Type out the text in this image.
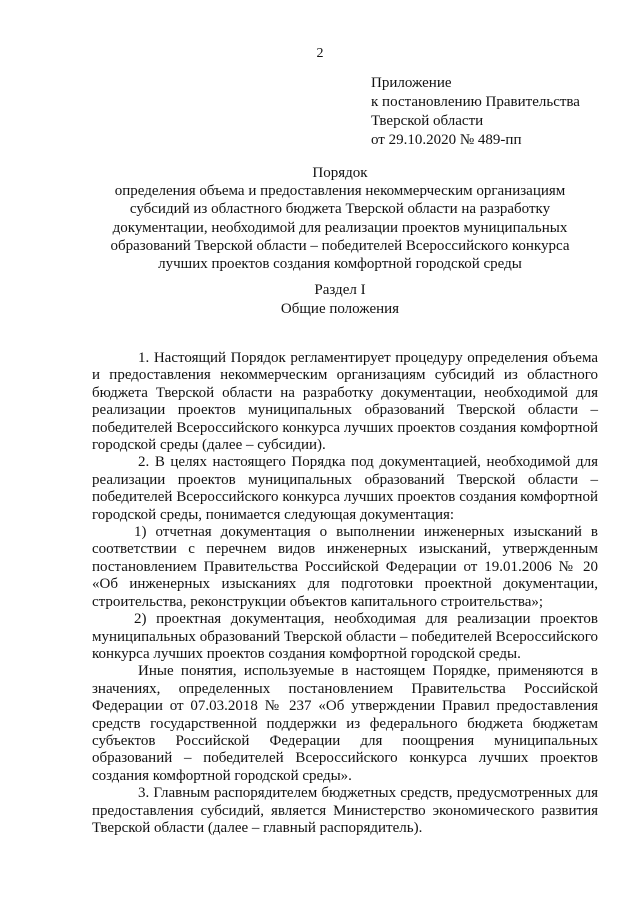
2
Приложение
к постановлению Правительства
Тверской области
от 29.10.2020 № 489-пп
Порядок
определения объема и предоставления некоммерческим организациям
субсидий из областного бюджета Тверской области на разработку
документации, необходимой для реализации проектов муниципальных
образований Тверской области – победителей Всероссийского конкурса
лучших проектов создания комфортной городской среды
Раздел I
Общие положения

1. Настоящий Порядок регламентирует процедуру определения объема и предоставления некоммерческим организациям субсидий из областного бюджета Тверской области на разработку документации, необходимой для реализации проектов муниципальных образований Тверской области – победителей Всероссийского конкурса лучших проектов создания комфортной городской среды (далее – субсидии).

2. В целях настоящего Порядка под документацией, необходимой для реализации проектов муниципальных образований Тверской области – победителей Всероссийского конкурса лучших проектов создания комфортной городской среды, понимается следующая документация:

1) отчетная документация о выполнении инженерных изысканий в соответствии с перечнем видов инженерных изысканий, утвержденным постановлением Правительства Российской Федерации от 19.01.2006 № 20 «Об инженерных изысканиях для подготовки проектной документации, строительства, реконструкции объектов капитального строительства»;

2) проектная документация, необходимая для реализации проектов муниципальных образований Тверской области – победителей Всероссийского конкурса лучших проектов создания комфортной городской среды.

Иные понятия, используемые в настоящем Порядке, применяются в значениях, определенных постановлением Правительства Российской Федерации от 07.03.2018 № 237 «Об утверждении Правил предоставления средств государственной поддержки из федерального бюджета бюджетам субъектов Российской Федерации для поощрения муниципальных образований – победителей Всероссийского конкурса лучших проектов создания комфортной городской среды».

3. Главным распорядителем бюджетных средств, предусмотренных для предоставления субсидий, является Министерство экономического развития Тверской области (далее – главный распорядитель).
